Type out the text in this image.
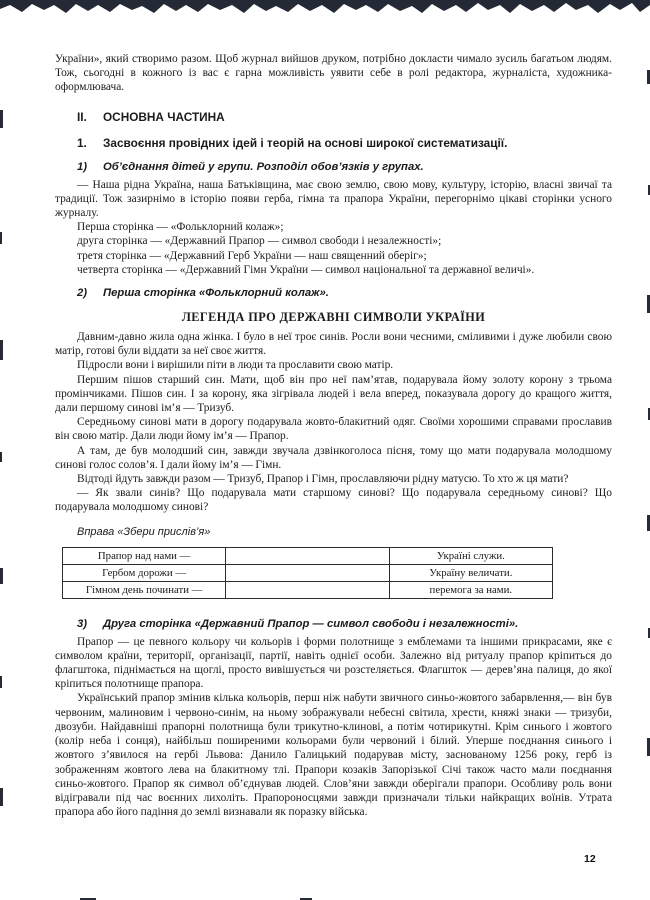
України», який створимо разом. Щоб журнал вийшов друком, потрібно докласти чимало зусиль багатьом людям. Тож, сьогодні в кожного із вас є гарна можливість уявити себе в ролі редактора, журналіста, художника-оформлювача.

ІІ. ОСНОВНА ЧАСТИНА
1. Засвоєння провідних ідей і теорій на основі широкої систематизації.
1) Об’єднання дітей у групи. Розподіл обов’язків у групах.

— Наша рідна Україна, наша Батьківщина, має свою землю, свою мову, культуру, історію, власні звичаї та традиції. Тож зазирнімо в історію появи герба, гімна та прапора України, перегорнімо цікаві сторінки усного журналу.

Перша сторінка — «Фольклорний колаж»;
друга сторінка — «Державний Прапор — символ свободи і незалежності»;
третя сторінка — «Державний Герб України — наш священний оберіг»;
четверта сторінка — «Державний Гімн України — символ національної та державної величі».
2) Перша сторінка «Фольклорний колаж».
ЛЕГЕНДА ПРО ДЕРЖАВНІ СИМВОЛИ УКРАЇНИ

Давним-давно жила одна жінка. І було в неї троє синів. Росли вони чесними, сміливими і дуже любили свою матір, готові були віддати за неї своє життя.

Підросли вони і вирішили піти в люди та прославити свою матір.

Першим пішов старший син. Мати, щоб він про неї пам’ятав, подарувала йому золоту корону з трьома промінчиками. Пішов син. І за корону, яка зігрівала людей і вела вперед, показувала дорогу до кращого життя, дали першому синові ім’я — Тризуб.

Середньому синові мати в дорогу подарувала жовто-блакитний одяг. Своїми хорошими справами прославив він свою матір. Дали люди йому ім’я — Прапор.

А там, де був молодший син, завжди звучала дзвінкоголоса пісня, тому що мати подарувала молодшому синові голос солов’я. І дали йому ім’я — Гімн.

Відтоді йдуть завжди разом — Тризуб, Прапор і Гімн, прославляючи рідну матусю. То хто ж ця мати?

— Як звали синів? Що подарувала мати старшому синові? Що подарувала середньому синові? Що подарувала молодшому синові?

Вправа «Збери прислів’я»
Прапор над нами —		Україні служи.
Гербом дорожи —		Україну величати.
Гімном день починати —		перемога за нами.
3) Друга сторінка «Державний Прапор — символ свободи і незалежності».

Прапор — це певного кольору чи кольорів і форми полотнище з емблемами та іншими прикрасами, яке є символом країни, території, організації, партії, навіть однієї особи. Залежно від ритуалу прапор кріпиться до флагштока, піднімається на щоглі, просто вивішується чи розстеляється. Флагшток — дерев’яна палиця, до якої кріпиться полотнище прапора.

Український прапор змінив кілька кольорів, перш ніж набути звичного синьо-жовтого забарвлення,— він був червоним, малиновим і червоно-синім, на ньому зображували небесні світила, хрести, княжі знаки — тризуби, двозуби. Найдавніші прапорні полотнища були трикутно-клинові, а потім чотирикутні. Крім синього і жовтого (колір неба і сонця), найбільш поширеними кольорами були червоний і білий. Уперше поєднання синього і жовтого з’явилося на гербі Львова: Данило Галицький подарував місту, заснованому 1256 року, герб із зображенням жовтого лева на блакитному тлі. Прапори козаків Запорізької Січі також часто мали поєднання синьо-жовтого. Прапор як символ об’єднував людей. Слов’яни завжди оберігали прапори. Особливу роль вони відігравали під час воєнних лихоліть. Прапороносцями завжди призначали тільки найкращих воїнів. Утрата прапора або його падіння до землі визнавали як поразку війська.

12
